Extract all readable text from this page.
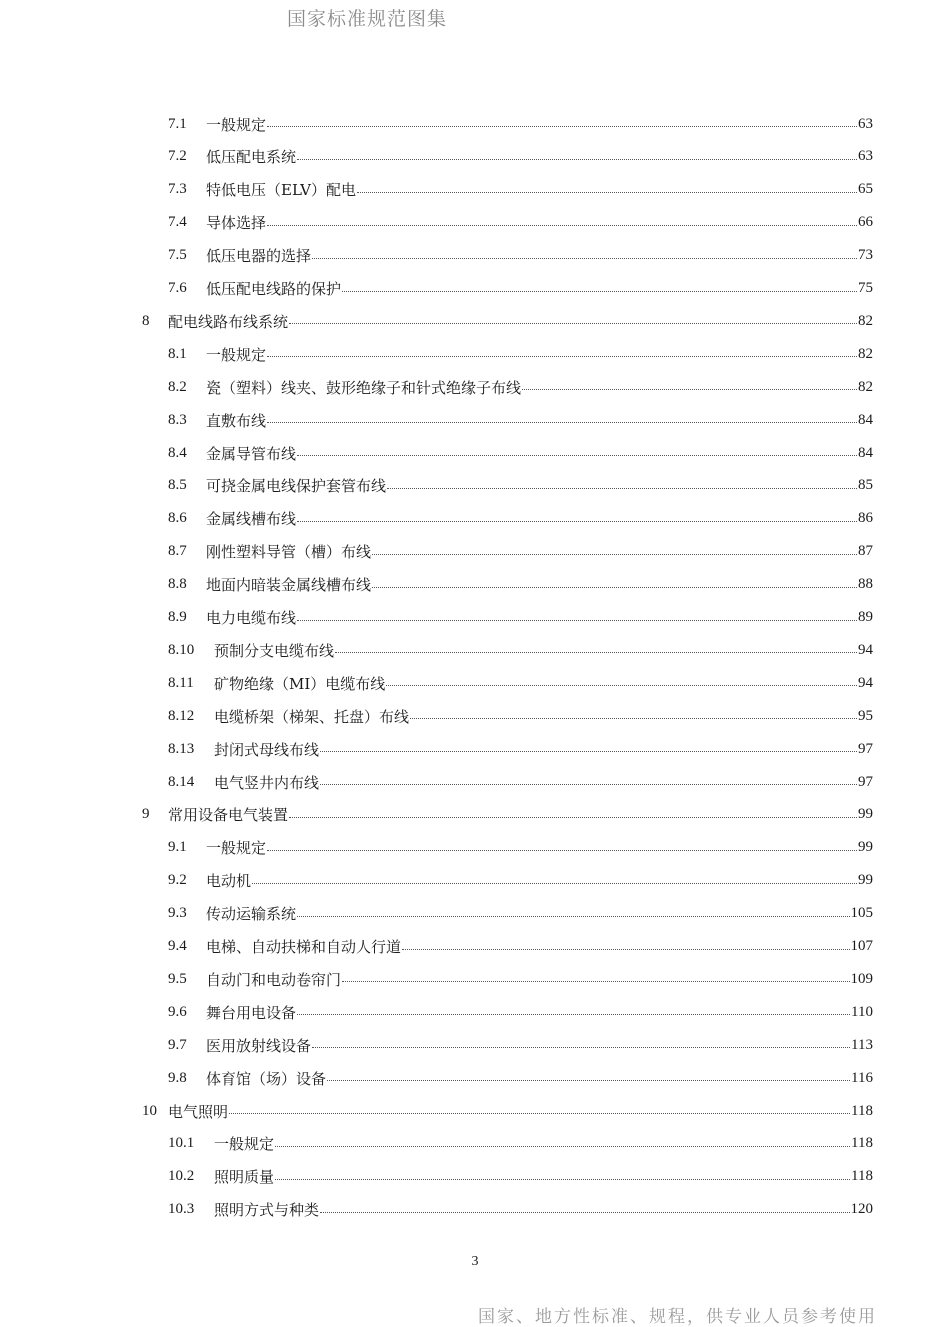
国家标准规范图集
7.1	一般规定	63
7.2	低压配电系统	63
7.3	特低电压（ELV）配电	65
7.4	导体选择	66
7.5	低压电器的选择	73
7.6	低压配电线路的保护	75
8	配电线路布线系统	82
8.1	一般规定	82
8.2	瓷（塑料）线夹、鼓形绝缘子和针式绝缘子布线	82
8.3	直敷布线	84
8.4	金属导管布线	84
8.5	可挠金属电线保护套管布线	85
8.6	金属线槽布线	86
8.7	刚性塑料导管（槽）布线	87
8.8	地面内暗装金属线槽布线	88
8.9	电力电缆布线	89
8.10	预制分支电缆布线	94
8.11	矿物绝缘（MI）电缆布线	94
8.12	电缆桥架（梯架、托盘）布线	95
8.13	封闭式母线布线	97
8.14	电气竖井内布线	97
9	常用设备电气装置	99
9.1	一般规定	99
9.2	电动机	99
9.3	传动运输系统	105
9.4	电梯、自动扶梯和自动人行道	107
9.5	自动门和电动卷帘门	109
9.6	舞台用电设备	110
9.7	医用放射线设备	113
9.8	体育馆（场）设备	116
10 电气照明	118
10.1	一般规定	118
10.2	照明质量	118
10.3	照明方式与种类	120
3
国家、地方性标准、规程，供专业人员参考使用
